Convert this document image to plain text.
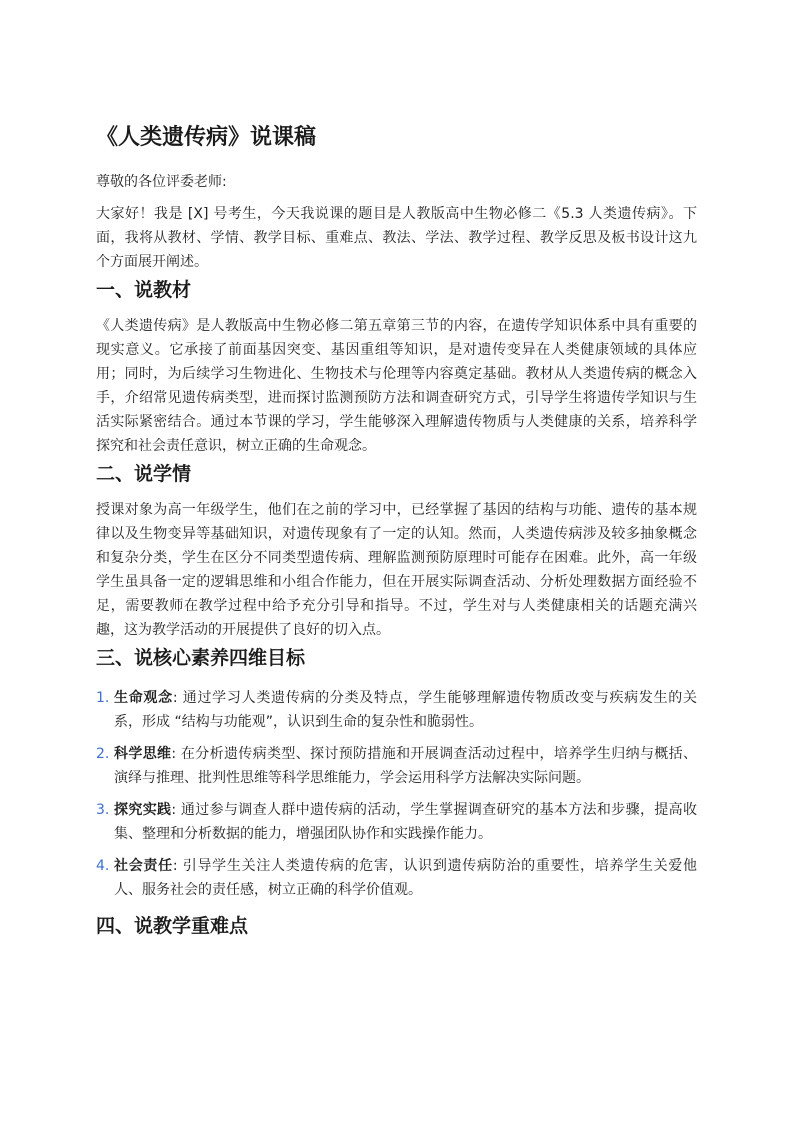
《人类遗传病》说课稿

尊敬的各位评委老师:

大家好！我是 [X] 号考生，今天我说课的题目是人教版高中生物必修二《5.3 人类遗传病》。下面，我将从教材、学情、教学目标、重难点、教法、学法、教学过程、教学反思及板书设计这九个方面展开阐述。

一、说教材

《人类遗传病》是人教版高中生物必修二第五章第三节的内容，在遗传学知识体系中具有重要的现实意义。它承接了前面基因突变、基因重组等知识，是对遗传变异在人类健康领域的具体应用；同时，为后续学习生物进化、生物技术与伦理等内容奠定基础。教材从人类遗传病的概念入手，介绍常见遗传病类型，进而探讨监测预防方法和调查研究方式，引导学生将遗传学知识与生活实际紧密结合。通过本节课的学习，学生能够深入理解遗传物质与人类健康的关系，培养科学探究和社会责任意识，树立正确的生命观念。

二、说学情

授课对象为高一年级学生，他们在之前的学习中，已经掌握了基因的结构与功能、遗传的基本规律以及生物变异等基础知识，对遗传现象有了一定的认知。然而，人类遗传病涉及较多抽象概念和复杂分类，学生在区分不同类型遗传病、理解监测预防原理时可能存在困难。此外，高一年级学生虽具备一定的逻辑思维和小组合作能力，但在开展实际调查活动、分析处理数据方面经验不足，需要教师在教学过程中给予充分引导和指导。不过，学生对与人类健康相关的话题充满兴趣，这为教学活动的开展提供了良好的切入点。

三、说核心素养四维目标
1. 生命观念: 通过学习人类遗传病的分类及特点，学生能够理解遗传物质改变与疾病发生的关系，形成 “结构与功能观”，认识到生命的复杂性和脆弱性。
2. 科学思维: 在分析遗传病类型、探讨预防措施和开展调查活动过程中，培养学生归纳与概括、演绎与推理、批判性思维等科学思维能力，学会运用科学方法解决实际问题。
3. 探究实践: 通过参与调查人群中遗传病的活动，学生掌握调查研究的基本方法和步骤，提高收集、整理和分析数据的能力，增强团队协作和实践操作能力。
4. 社会责任: 引导学生关注人类遗传病的危害，认识到遗传病防治的重要性，培养学生关爱他人、服务社会的责任感，树立正确的科学价值观。
四、说教学重难点
